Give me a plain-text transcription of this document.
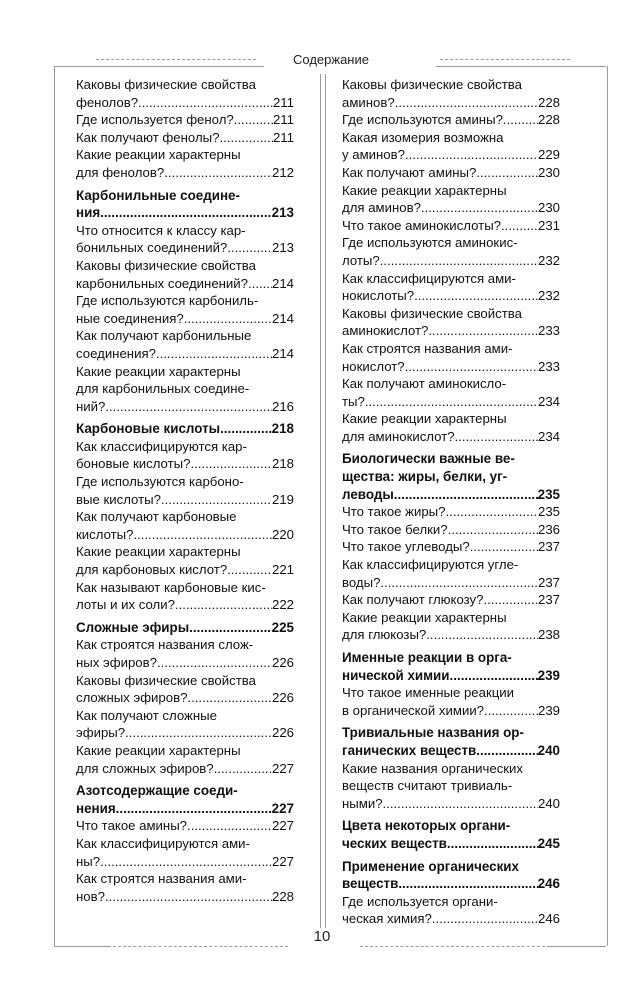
Содержание
Каковы физические свойства
фенолов? .....	211
Где используется фенол? .....	211
Как получают фенолы? .....	211
Какие реакции характерны
для фенолов? .....	212
Карбонильные соедине-
ния .....	213
Что относится к классу кар-
бонильных соединений? .....	213
Каковы физические свойства
карбонильных соединений? ..... 214
Где используются карбониль-
ные соединения? .....	214
Как получают карбонильные
соединения? .....	214
Какие реакции характерны
для карбонильных соедине-
ний? .....	216
Карбоновые кислоты .....	218
Как классифицируются кар-
боновые кислоты? .....	218
Где используются карбоно-
вые кислоты? .....	219
Как получают карбоновые
кислоты? .....	220
Какие реакции характерны
для карбоновых кислот? .....	221
Как называют карбоновые кис-
лоты и их соли? .....	222
Сложные эфиры .....	225
Как строятся названия слож-
ных эфиров? .....	226
Каковы физические свойства
сложных эфиров? .....	226
Как получают сложные
эфиры? .....	226
Какие реакции характерны
для сложных эфиров? .....	227
Азотсодержащие соеди-
нения .....	227
Что такое амины? .....	227
Как классифицируются ами-
ны? .....	227
Как строятся названия ами-
нов? .....	228
Каковы физические свойства
аминов? .....	228
Где используются амины? .....	228
Какая изомерия возможна
у аминов? .....	229
Как получают амины? .....	230
Какие реакции характерны
для аминов? .....	230
Что такое аминокислоты? .....	231
Где используются аминокис-
лоты? .....	232
Как классифицируются ами-
нокислоты? .....	232
Каковы физические свойства
аминокислот? .....	233
Как строятся названия ами-
нокислот? .....	233
Как получают аминокисло-
ты? .....	234
Какие реакции характерны
для аминокислот? .....	234
Биологически важные ве-
щества: жиры, белки, уг-
леводы .....	235
Что такое жиры? .....	235
Что такое белки? .....	236
Что такое углеводы? .....	237
Как классифицируются угле-
воды? .....	237
Как получают глюкозу? .....	237
Какие реакции характерны
для глюкозы? .....	238
Именные реакции в орга-
нической химии .....	239
Что такое именные реакции
в органической химии? .....	239
Тривиальные названия ор-
ганических веществ .....	240
Какие названия органических
веществ считают тривиаль-
ными? .....	240
Цвета некоторых органи-
ческих веществ .....	245
Применение органических
веществ .....	246
Где используется органи-
ческая химия? .....	246
10
